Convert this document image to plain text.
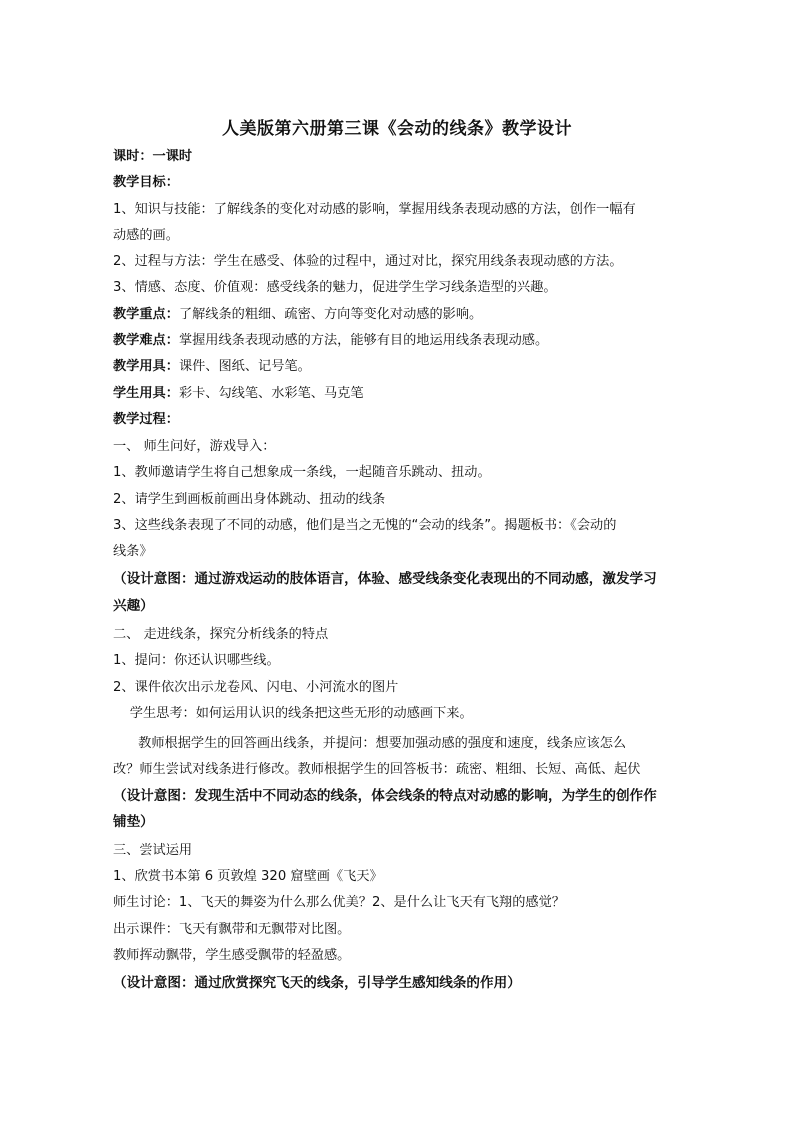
人美版第六册第三课《会动的线条》教学设计
课时：一课时
教学目标：
1、知识与技能：了解线条的变化对动感的影响，掌握用线条表现动感的方法，创作一幅有
动感的画。
2、过程与方法：学生在感受、体验的过程中，通过对比，探究用线条表现动感的方法。
3、情感、态度、价值观：感受线条的魅力，促进学生学习线条造型的兴趣。
教学重点：了解线条的粗细、疏密、方向等变化对动感的影响。
教学难点：掌握用线条表现动感的方法，能够有目的地运用线条表现动感。
教学用具：课件、图纸、记号笔。
学生用具：彩卡、勾线笔、水彩笔、马克笔
教学过程：
一、 师生问好，游戏导入：
1、教师邀请学生将自己想象成一条线，一起随音乐跳动、扭动。
2、请学生到画板前画出身体跳动、扭动的线条
3、这些线条表现了不同的动感，他们是当之无愧的“会动的线条”。揭题板书：《会动的
线条》
（设计意图：通过游戏运动的肢体语言，体验、感受线条变化表现出的不同动感，激发学习
兴趣）
二、 走进线条，探究分析线条的特点
1、提问：你还认识哪些线。
2、课件依次出示龙卷风、闪电、小河流水的图片
学生思考：如何运用认识的线条把这些无形的动感画下来。
教师根据学生的回答画出线条，并提问：想要加强动感的强度和速度，线条应该怎么
改？师生尝试对线条进行修改。教师根据学生的回答板书：疏密、粗细、长短、高低、起伏
（设计意图：发现生活中不同动态的线条，体会线条的特点对动感的影响，为学生的创作作
铺垫）
三、尝试运用
1、欣赏书本第 6 页敦煌 320 窟壁画《飞天》
师生讨论：1、飞天的舞姿为什么那么优美？2、是什么让飞天有飞翔的感觉？
出示课件：飞天有飘带和无飘带对比图。
教师挥动飘带，学生感受飘带的轻盈感。
（设计意图：通过欣赏探究飞天的线条，引导学生感知线条的作用）
